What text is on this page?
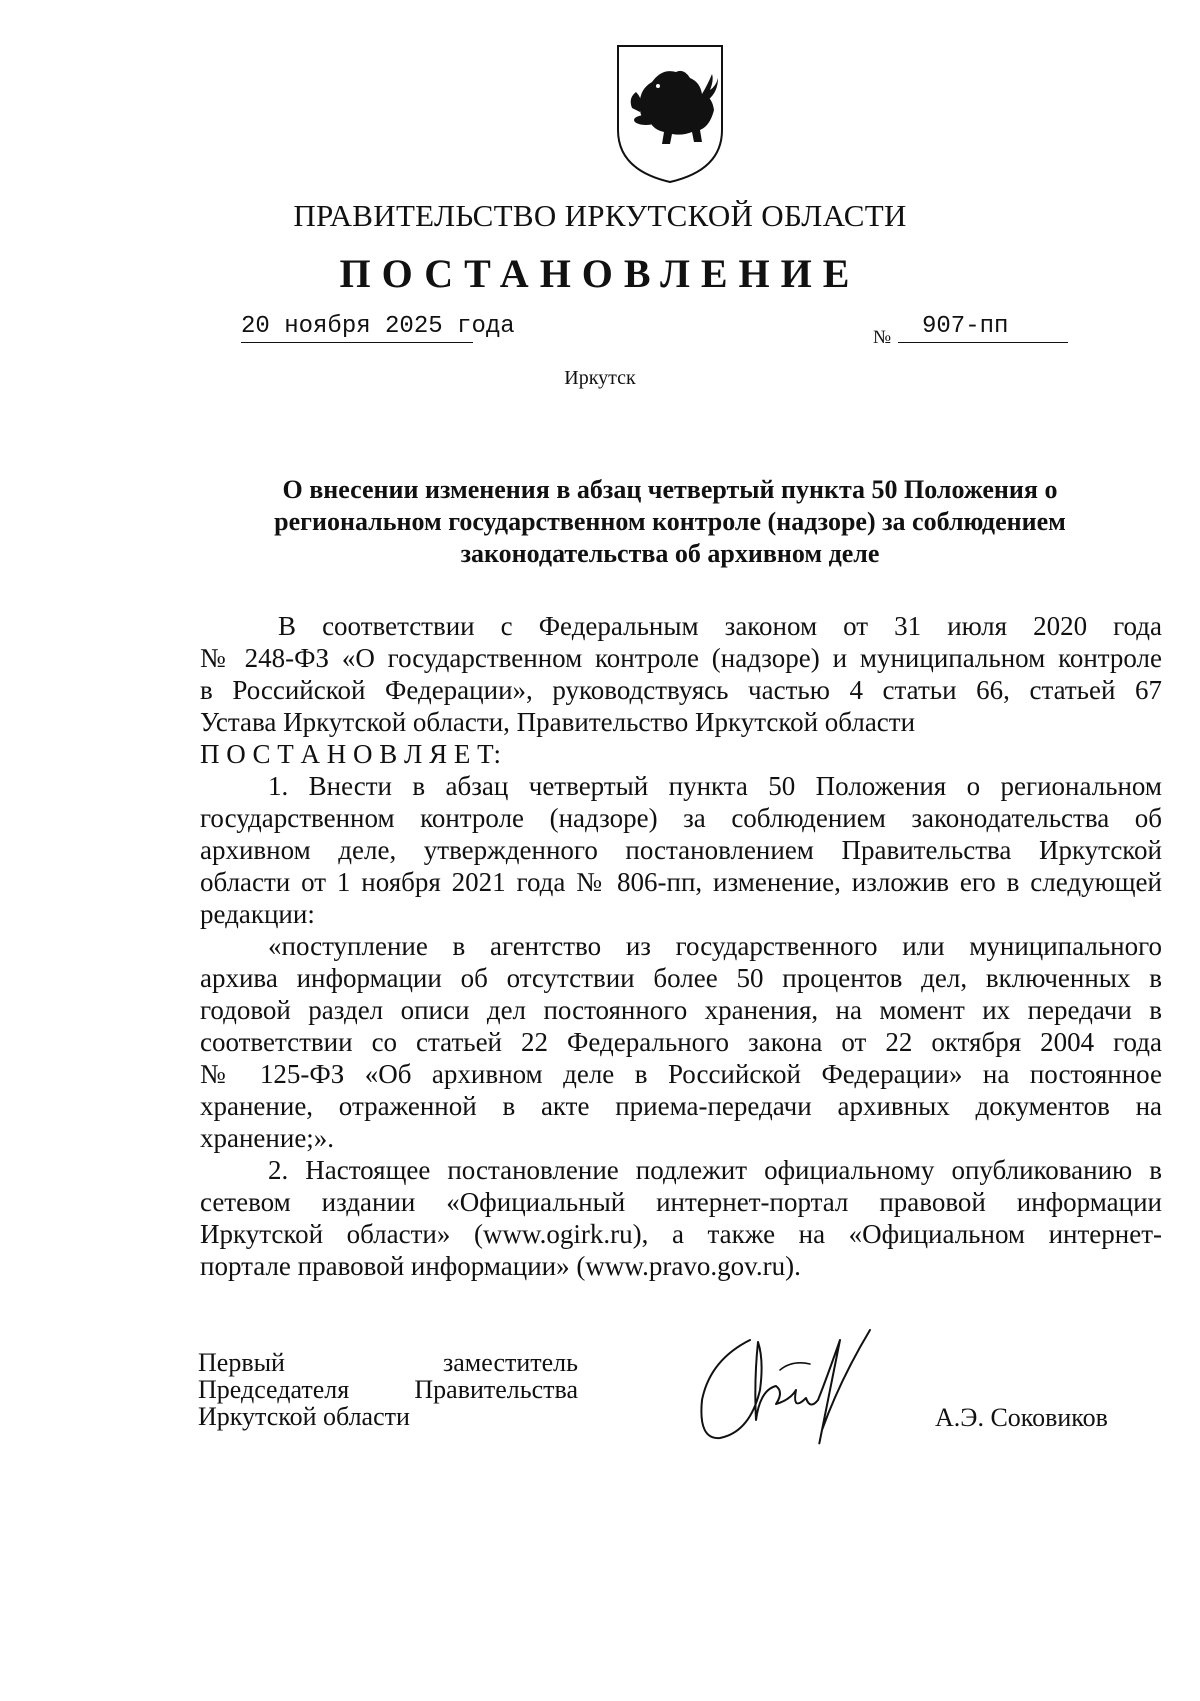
ПРАВИТЕЛЬСТВО ИРКУТСКОЙ ОБЛАСТИ
ПОСТАНОВЛЕНИЕ
20 ноября 2025 года	№	907-пп
Иркутск
О внесении изменения в абзац четвертый пункта 50 Положения о
региональном государственном контроле (надзоре) за соблюдением
законодательства об архивном деле
В соответствии с Федеральным законом от 31 июля 2020 года
№ 248-ФЗ «О государственном контроле (надзоре) и муниципальном контроле
в Российской Федерации», руководствуясь частью 4 статьи 66, статьей 67
Устава Иркутской области, Правительство Иркутской области
П О С Т А Н О В Л Я Е Т:
1. Внести в абзац четвертый пункта 50 Положения о региональном
государственном контроле (надзоре) за соблюдением законодательства об
архивном деле, утвержденного постановлением Правительства Иркутской
области от 1 ноября 2021 года № 806-пп, изменение, изложив его в следующей
редакции:
«поступление в агентство из государственного или муниципального
архива информации об отсутствии более 50 процентов дел, включенных в
годовой раздел описи дел постоянного хранения, на момент их передачи в
соответствии со статьей 22 Федерального закона от 22 октября 2004 года
№ 125-ФЗ «Об архивном деле в Российской Федерации» на постоянное
хранение, отраженной в акте приема-передачи архивных документов на
хранение;».
2. Настоящее постановление подлежит официальному опубликованию в
сетевом издании «Официальный интернет-портал правовой информации
Иркутской области» (www.ogirk.ru), а также на «Официальном интернет-
портале правовой информации» (www.pravo.gov.ru).
Первый заместитель
Председателя Правительства
Иркутской области	А.Э. Соковиков
